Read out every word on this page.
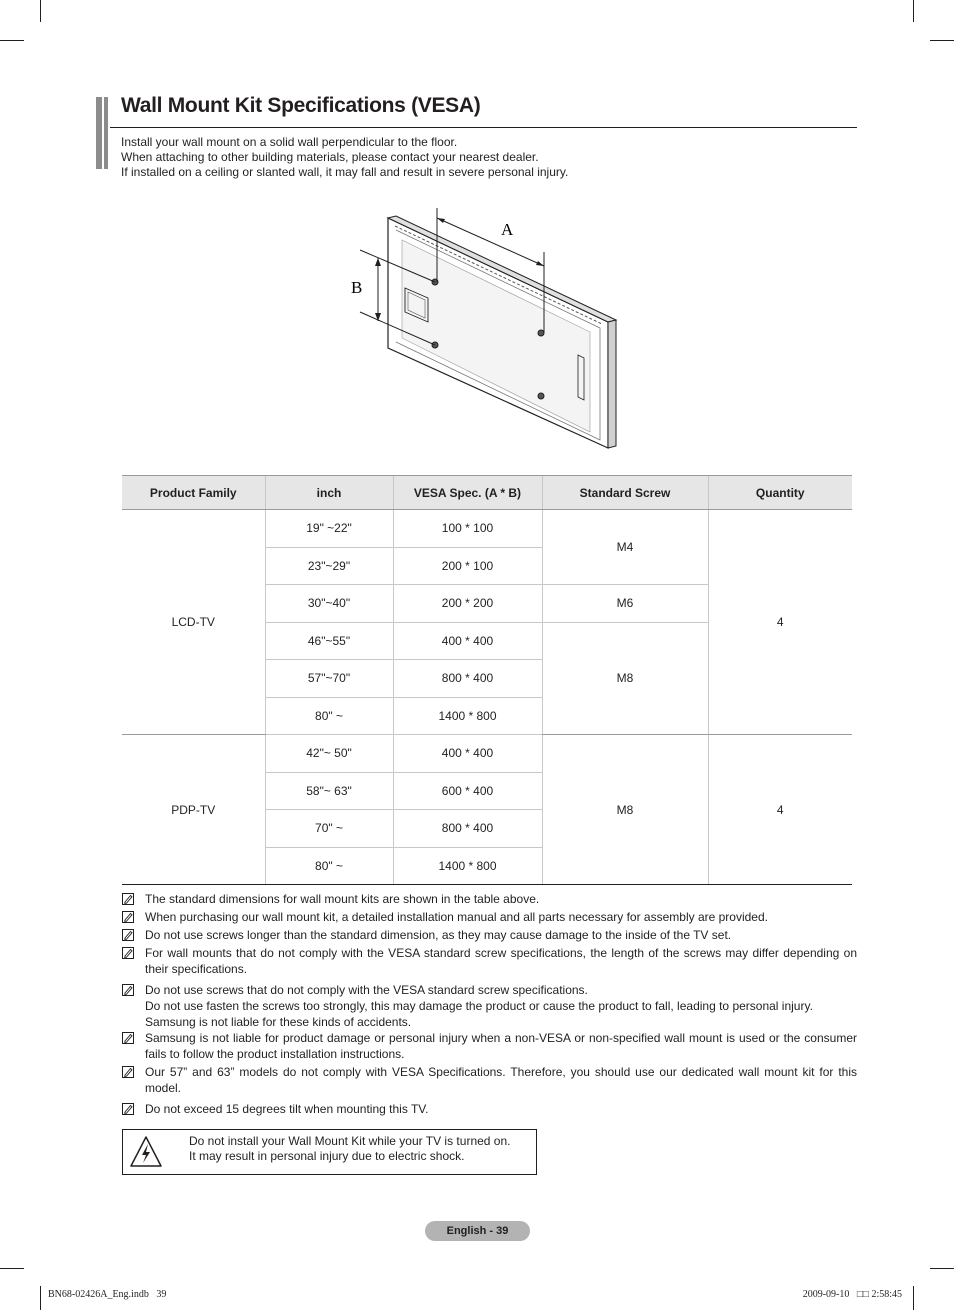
Wall Mount Kit Specifications (VESA)
Install your wall mount on a solid wall perpendicular to the floor.
When attaching to other building materials, please contact your nearest dealer.
If installed on a ceiling or slanted wall, it may fall and result in severe personal injury.
A
B
Product Family	inch	VESA Spec. (A * B)	Standard Screw	Quantity
LCD-TV	19" ~22"	100 * 100	M4	4
	23"~29"	200 * 100		
	30"~40"	200 * 200	M6	
	46"~55"	400 * 400	M8	
	57"~70"	800 * 400		
	80" ~	1400 * 800		
PDP-TV	42"~ 50"	400 * 400	M8	4
	58"~ 63"	600 * 400		
	70" ~	800 * 400		
	80" ~	1400 * 800		
The standard dimensions for wall mount kits are shown in the table above.
When purchasing our wall mount kit, a detailed installation manual and all parts necessary for assembly are provided.
Do not use screws longer than the standard dimension, as they may cause damage to the inside of the TV set.
For wall mounts that do not comply with the VESA standard screw specifications, the length of the screws may differ depending on their specifications.
Do not use screws that do not comply with the VESA standard screw specifications.
Do not use fasten the screws too strongly, this may damage the product or cause the product to fall, leading to personal injury.
Samsung is not liable for these kinds of accidents.
Samsung is not liable for product damage or personal injury when a non-VESA or non-specified wall mount is used or the consumer fails to follow the product installation instructions.
Our 57” and 63” models do not comply with VESA Specifications. Therefore, you should use our dedicated wall mount kit for this model.
Do not exceed 15 degrees tilt when mounting this TV.
Do not install your Wall Mount Kit while your TV is turned on.
It may result in personal injury due to electric shock.
English - 39
BN68-02426A_Eng.indb   39	2009-09-10   □□ 2:58:45
